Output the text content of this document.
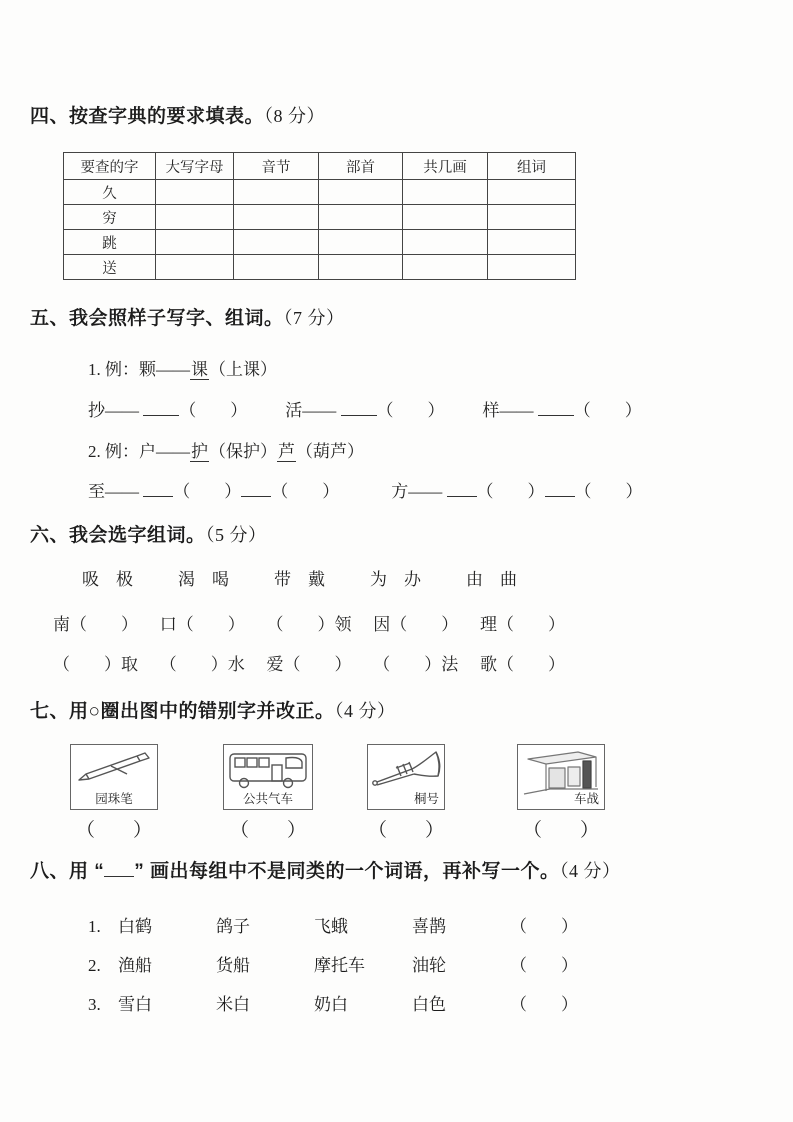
四、按查字典的要求填表。（8 分）
要查的字	大写字母	音节	部首	共几画	组词
久					
穷					
跳					
送					
五、我会照样子写字、组词。（7 分）
1. 例：颗——课（上课）
抄—— （　　） 活—— （　　） 样—— （　　）
2. 例：户——护（保护）芦（葫芦）
至—— （　　） （　　）	方—— （　　） （　　）
六、我会选字组词。（5 分）
吸　极	渴　喝	带　戴	为　办	由　曲
南（　　） 口（　　） （　　）领 因（　　） 理（　　）
（　　）取 （　　）水 爱（　　） （　　）法 歌（　　）
七、用○圈出图中的错别字并改正。（4 分）
园珠笔	公共气车	桐号	车战
（　　）	（　　）	（　　）	（　　）
八、用 “ ” 画出每组中不是同类的一个词语，再补写一个。（4 分）
1. 白鹤	鸽子	飞蛾	喜鹊	（　　）
2. 渔船	货船	摩托车	油轮	（　　）
3. 雪白	米白	奶白	白色	（　　）
